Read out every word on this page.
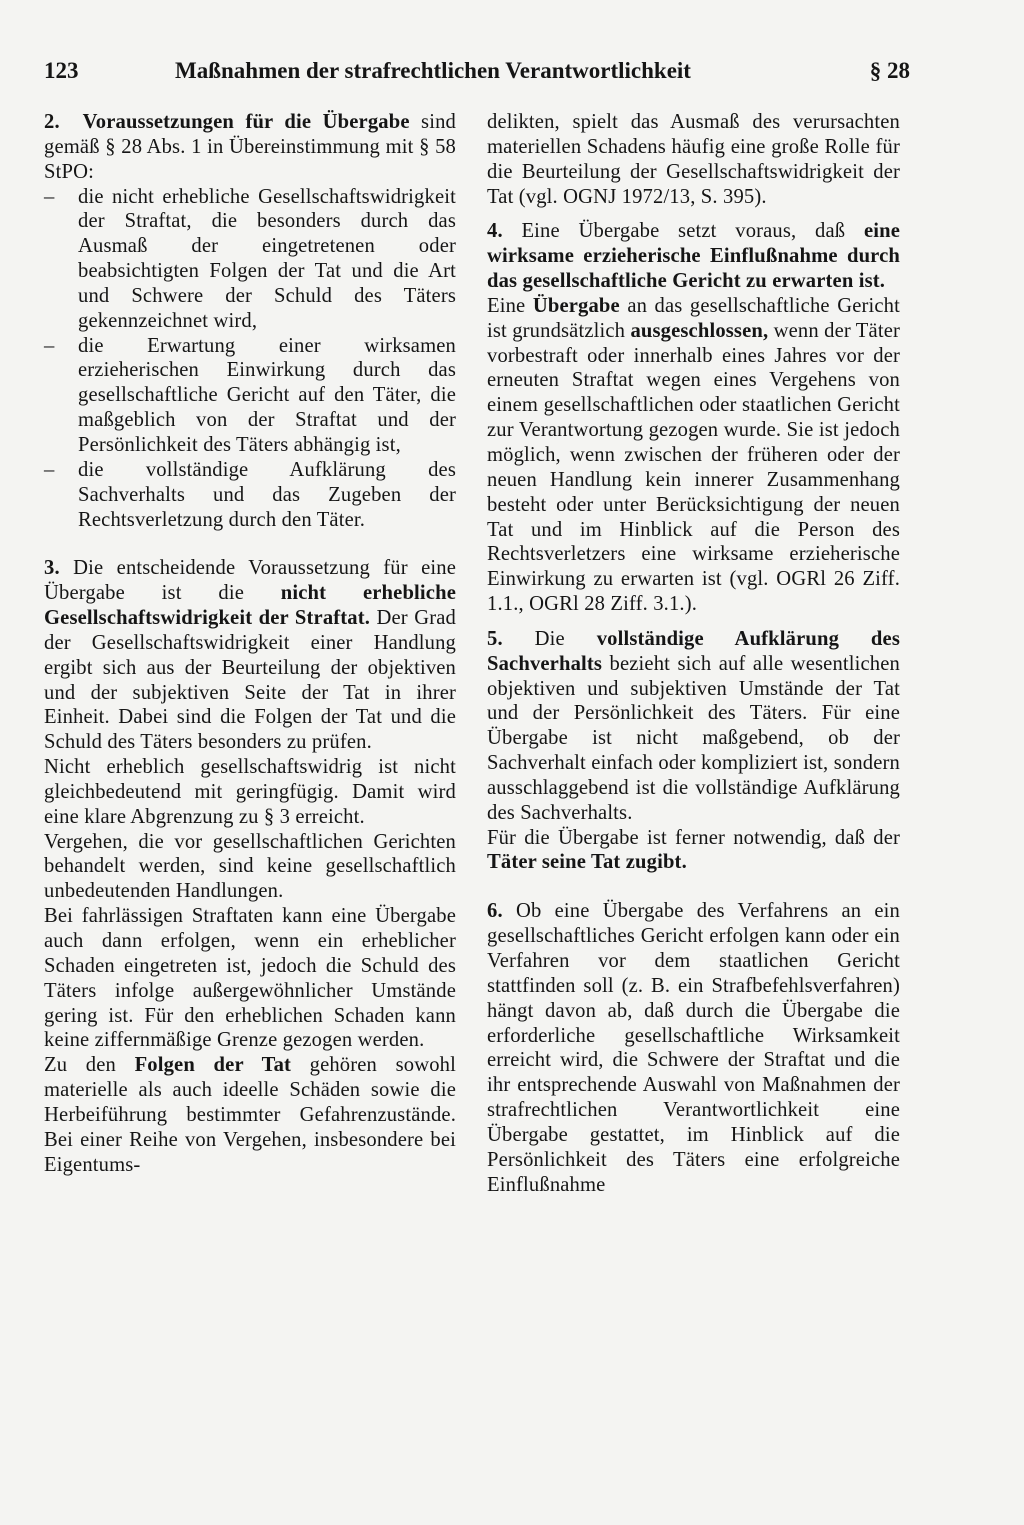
123	Maßnahmen der strafrechtlichen Verantwortlichkeit	§ 28

2. Voraussetzungen für die Übergabe sind gemäß § 28 Abs. 1 in Übereinstimmung mit § 58 StPO:

– die nicht erhebliche Gesellschaftswidrigkeit der Straftat, die besonders durch das Ausmaß der eingetretenen oder beabsichtigten Folgen der Tat und die Art und Schwere der Schuld des Täters gekennzeichnet wird,
– die Erwartung einer wirksamen erzieherischen Einwirkung durch das gesellschaftliche Gericht auf den Täter, die maßgeblich von der Straftat und der Persönlichkeit des Täters abhängig ist,
– die vollständige Aufklärung des Sachverhalts und das Zugeben der Rechtsverletzung durch den Täter.

3. Die entscheidende Voraussetzung für eine Übergabe ist die nicht erhebliche Gesellschaftswidrigkeit der Straftat. Der Grad der Gesellschaftswidrigkeit einer Handlung ergibt sich aus der Beurteilung der objektiven und der subjektiven Seite der Tat in ihrer Einheit. Dabei sind die Folgen der Tat und die Schuld des Täters besonders zu prüfen.

Nicht erheblich gesellschaftswidrig ist nicht gleichbedeutend mit geringfügig. Damit wird eine klare Abgrenzung zu § 3 erreicht.

Vergehen, die vor gesellschaftlichen Gerichten behandelt werden, sind keine gesellschaftlich unbedeutenden Handlungen.

Bei fahrlässigen Straftaten kann eine Übergabe auch dann erfolgen, wenn ein erheblicher Schaden eingetreten ist, jedoch die Schuld des Täters infolge außergewöhnlicher Umstände gering ist. Für den erheblichen Schaden kann keine ziffernmäßige Grenze gezogen werden.

Zu den Folgen der Tat gehören sowohl materielle als auch ideelle Schäden sowie die Herbeiführung bestimmter Gefahrenzustände. Bei einer Reihe von Vergehen, insbesondere bei Eigentums-

delikten, spielt das Ausmaß des verursachten materiellen Schadens häufig eine große Rolle für die Beurteilung der Gesellschaftswidrigkeit der Tat (vgl. OGNJ 1972/13, S. 395).

4. Eine Übergabe setzt voraus, daß eine wirksame erzieherische Einflußnahme durch das gesellschaftliche Gericht zu erwarten ist.

Eine Übergabe an das gesellschaftliche Gericht ist grundsätzlich ausgeschlossen, wenn der Täter vorbestraft oder innerhalb eines Jahres vor der erneuten Straftat wegen eines Vergehens von einem gesellschaftlichen oder staatlichen Gericht zur Verantwortung gezogen wurde. Sie ist jedoch möglich, wenn zwischen der früheren oder der neuen Handlung kein innerer Zusammenhang besteht oder unter Berücksichtigung der neuen Tat und im Hinblick auf die Person des Rechtsverletzers eine wirksame erzieherische Einwirkung zu erwarten ist (vgl. OGRl 26 Ziff. 1.1., OGRl 28 Ziff. 3.1.).

5. Die vollständige Aufklärung des Sachverhalts bezieht sich auf alle wesentlichen objektiven und subjektiven Umstände der Tat und der Persönlichkeit des Täters. Für eine Übergabe ist nicht maßgebend, ob der Sachverhalt einfach oder kompliziert ist, sondern ausschlaggebend ist die vollständige Aufklärung des Sachverhalts.

Für die Übergabe ist ferner notwendig, daß der Täter seine Tat zugibt.

6. Ob eine Übergabe des Verfahrens an ein gesellschaftliches Gericht erfolgen kann oder ein Verfahren vor dem staatlichen Gericht stattfinden soll (z. B. ein Strafbefehlsverfahren) hängt davon ab, daß durch die Übergabe die erforderliche gesellschaftliche Wirksamkeit erreicht wird, die Schwere der Straftat und die ihr entsprechende Auswahl von Maßnahmen der strafrechtlichen Verantwortlichkeit eine Übergabe gestattet, im Hinblick auf die Persönlichkeit des Täters eine erfolgreiche Einflußnahme
